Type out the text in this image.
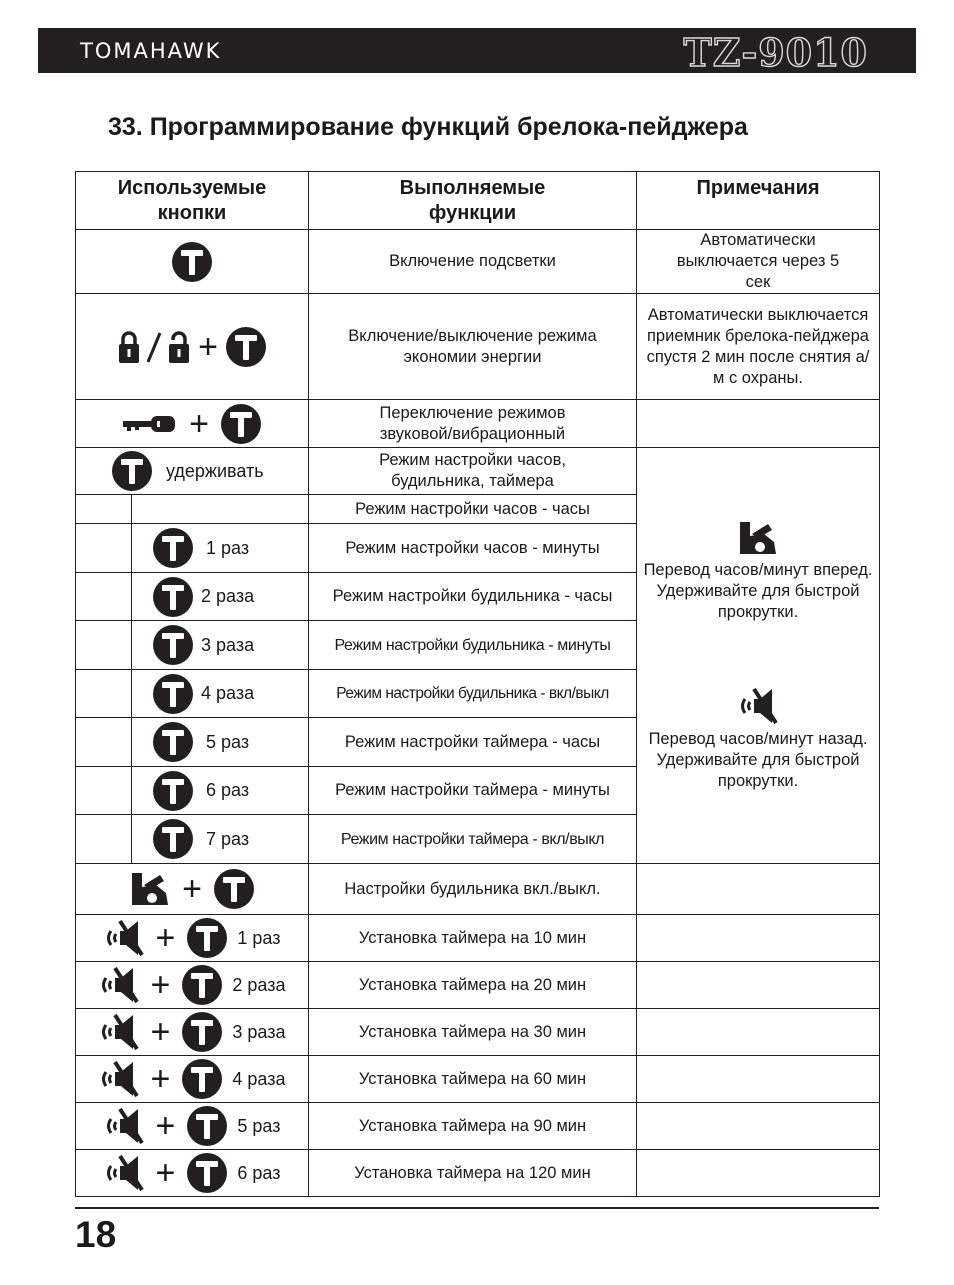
TOMAHAWK	TZ-9010
33. Программирование функций брелока-пейджера
Используемые кнопки	Выполняемые функции	Примечания

	Включение подсветки	Автоматически выключается через 5 сек

+	Включение/выключение режима экономии энергии	Автоматически выключается приемник брелока-пейджера спустя 2 мин после снятия а/м с охраны.

+	Переключение режимов звуковой/вибрационный	

удерживать	Режим настройки часов, будильника, таймера	Перевод часов/минут вперед. Удерживайте для быстрой прокрутки.
Перевод часов/минут назад. Удерживайте для быстрой прокрутки.

	Режим настройки часов - часы	

1 раз	Режим настройки часов - минуты	

2 раза	Режим настройки будильника - часы	

3 раза	Режим настройки будильника - минуты	

4 раза	Режим настройки будильника - вкл/выкл	

5 раз	Режим настройки таймера - часы	

6 раз	Режим настройки таймера - минуты	

7 раз	Режим настройки таймера - вкл/выкл	

+	Настройки будильника вкл./выкл.	

+ 1 раз	Установка таймера на 10 мин	

+ 2 раза	Установка таймера на 20 мин	

+ 3 раза	Установка таймера на 30 мин	

+ 4 раза	Установка таймера на 60 мин	

+ 5 раз	Установка таймера на 90 мин	

+ 6 раз	Установка таймера на 120 мин	
18
